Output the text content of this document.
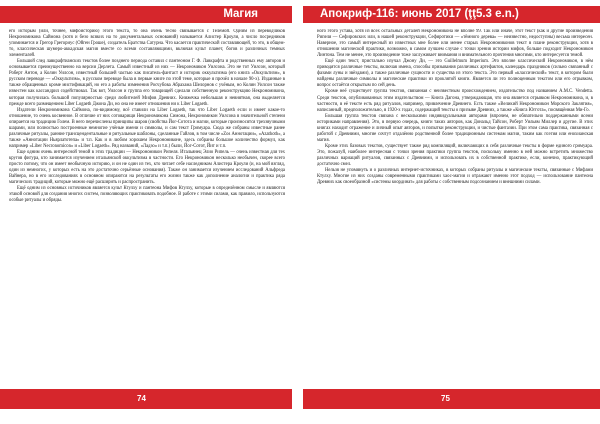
Магия

его исторым (или, точнее, мифоисторию) этого текста, то она очень тесно связывается с Телемой. Одним из переводчиков Некрономикона Саймона (хотя и безо всяких на то документальных оснований) называется Алистер Кроули, а число посредников упоминается и Грегор Грегориус (Ойген Гроше), создатель Братства Сатурна. Что касается практической составляющей, то это, в общем-то, классическая шумеро-аккадская магия вместе со всеми составляющими, включая культ планет, богов и различных темных элементалей.

Большой след лавкрафтианских текстов более позднего периода оставил с пантеоном Г. Ф. Лавкрафта и родственных ему авторов и основывается преимущественно на версии Дерлета. Самый известный из них — Некрономикон Уилсона. Это не тот Уилсон, который Роберт Антон, а Колин Уилсон, известный большей частью как писатель-фантаст и историк оккультизма (его книга «Оккультизм», в русском переводе — «Оккультизм», в русском переводе была в первые книге по этой теме, которые я прочёл в начале 90-х). Изданные в также обращенных кроме мистификаций, но его а работы изменения Росчубова Абрахама Шелорнов с учёным, но Колин Уилсон также известен как кассандрил содействовал. Так вот, Уилсон и группа его товарищей сделали собственную реконструкцию Некрономикона, которая получилась большой популярностью среди любителей Мифов Древних. Книжечка небольшая и невнятная, она выделяется прежде всего размещением Liber Logaeth Джона Ди, но она не имеет отношения ни к Liber Logaeth.

Издатели Некрономикона Саймона, по-видимому, всё ставили на Liber Logaeth, так что Liber Logaeth если и имеет какое-то отношение, то очень косвенное. В отличие от них сотоварищи Некрономикона Симона, Некрономикон Уилсона в значительной степени опирается на традицию Голем. В него перечислены принципы шаров (свойства Йог-Сотота и магии, которые произносятся трехзвучными шарами, или полностью построенные немногие учёные имени и символы, и сам текст Гримуара. Сюда же собраны известные ранее различные ритуалы, ранние трансцендентальные и ритуальные шаблоны, сделанные Гайлов, в том числе «Zos Аннотации», «Azathoth», а также «Аннотации Ньярлатотепа» и т.п. Как и в любом хорошем Некрономиконе, здесь собраны большое количество формул, как например «Liber Necronomicon» и «Liber Logaeth». Ряд названий, «Ладзо» и т.п.) были, Йог-Сотот, Йит и т.п.

Еще одним очень интересной темой в этих традиции — Некрономикон Рипеля. Итальянец Элио Рипель — очень известная для тех кругов фигура, кто занимается изучением итальянской оккультизма в частности. Его Некрономикон несколько необычен, скорее всего просто потому, что он имеет необычную историю, и он не один из тех, кто читает себе наследником Алистера Кроули (и, на мой взгляд, один из немногих, у которых есть на это достаточно серьёзные основания). Также он занимается изучением исследований Альфреда Вайнера, но в его исследованиях в основном опираются на результаты его жизни также как дополнение аналогии и практика ряда магических традиций, которые можно ещё расширить и распространить.

Ещё одним из основных источников является культ Ктулху и пантеона Мифов Ктулху, которые в определённом смысле и являются этакой основой для создания многих систем, позволяющих практиковать подобное. В работе с этими силами, как правило, используются особые ритуалы и обряды.

74
Апокриф-116: июнь 2017 (ţţ5.3 e.n.)

ного этого устава, хотя из всех остальных деталей Некрономикона не вполне 99. Так или иначе, этот текст (как и другие произведения Рипеля — Сефировских или, в нашей реконструкции, Сефиротики — «тёмного дерева» — неизвестно, недоступны) весьма интересен. Наверное, это самый интересный из известных мне более или менее старых Некрономиконов текст в плане реконструкции, хотя в отношении магической практики, возможно, в самом лучшем случае с точки зрения истории мифов, больше подходит Некрономикон Линтона. Тем не менее, это произведение тоже заслуживает внимания и внимательного прочтения многими, кто интересуется темой.

Ещё один текст, пристально изучал Джону Ди, — это Guillelmum Imperium. Это вполне классический Некрономикон, в нём приводятся различные тексты, включая имена, способы призывания различных артефактов, календарь праздников (сильно связанный с фазами луны и звёздами), а также различные сущности и существа из этого текста. Это первый «классический» текст, в котором были найдены различные символы и магические практики из проклятой книги. Является ли это полноценным текстом или его отрывком, вопрос остаётся открытым по сей день.

Кроме неё существует группа текстов, связанная с неизвестным происхождением, издательство под названием A.M.C. Vendetta. Среди текстов, опубликованных этим издательством — Книга Дагона, утверждающая, что она является отрывком Некрономикона, и, в частности, в её тексте есть ряд ритуалов, например, привлечение Древнего. Есть также «Великий Некрономикон Морского Заклятия», написанный, предположительно, в 1920-х годах, содержащий тексты о призыве Древних, а также «Книга Юггота», посвящённая Ми-Го.

Большая группа текстов связана с несколькими индивидуальными авторами (впрочем, не обязательно поддержанными всеми историками направления). Это, в первую очередь, книги таких авторов, как Дональд Тайсон, Роберт Уильям Миллер и другие. В этих книгах находит отражение и личный опыт авторов, и попытки реконструкции, и чистые фантазии. При этом сама практика, связанная с работой с Древними, многие сочтут отдалённо родственной более традиционным системам магии, таким как гоэтия или енохианская магия.

Кроме этих базовых текстов, существует также ряд компиляций, включающих в себя различные тексты в форме единого гримуара. Это, пожалуй, наиболее интересная с точки зрения практики группа текстов, поскольку именно в ней можно встретить множество различных вариаций ритуалов, связанных с Древними, и использовать их в собственной практике, если, конечно, практикующий достаточно смел.

Нельзя не упомянуть и о различных интернет-источниках, в которых собраны ритуалы и магические тексты, связанные с Мифами Ктулху. Многие из них созданы современными практиками хаос-магии и отражают именно этот подход — использование пантеона Древних как своеобразной «системы координат» для работы с собственным подсознанием и внешними силами.

75
